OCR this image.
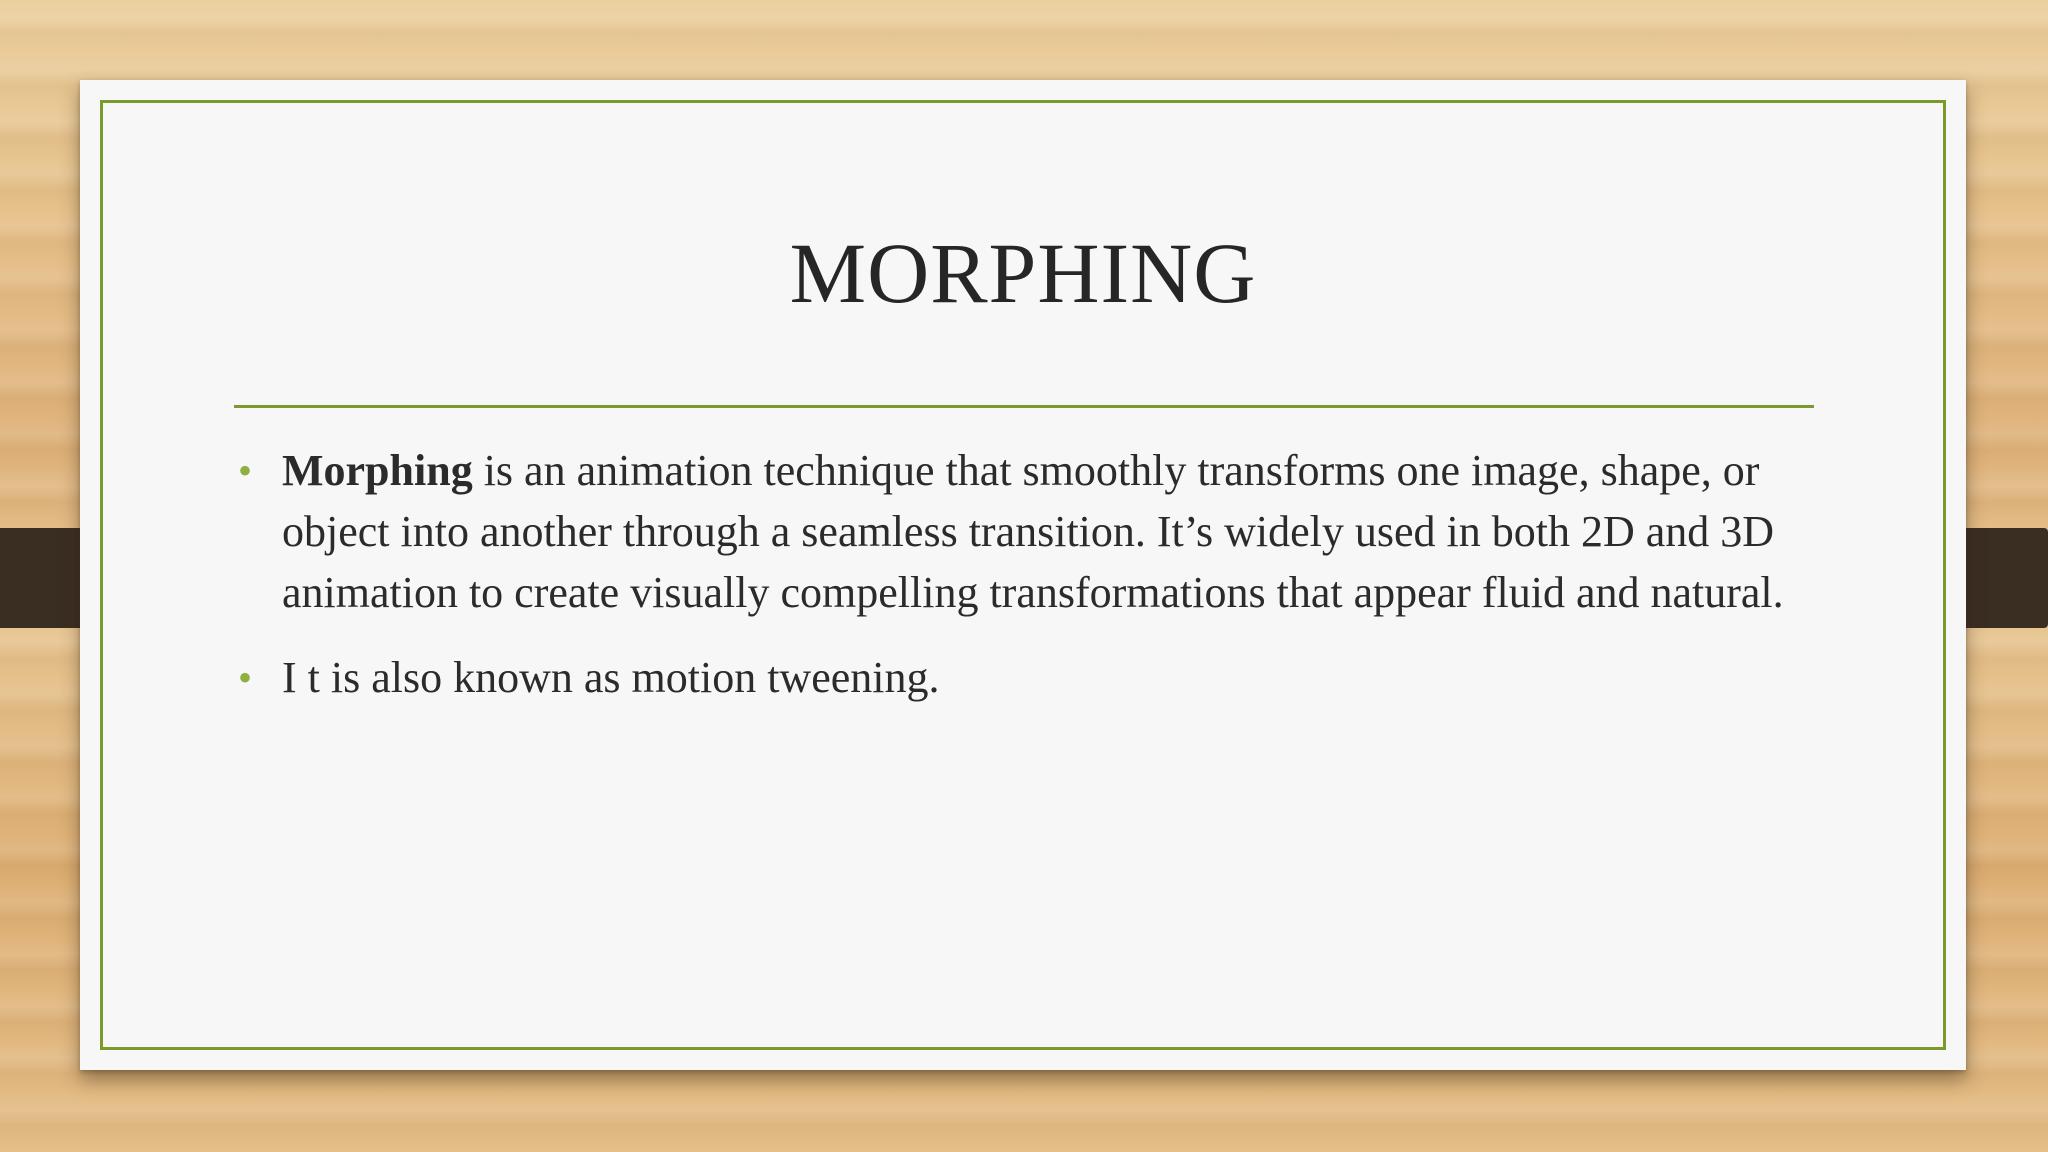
MORPHING
• Morphing is an animation technique that smoothly transforms one image, shape, or object into another through a seamless transition. It’s widely used in both 2D and 3D animation to create visually compelling transformations that appear fluid and natural.
• I t is also known as motion tweening.
